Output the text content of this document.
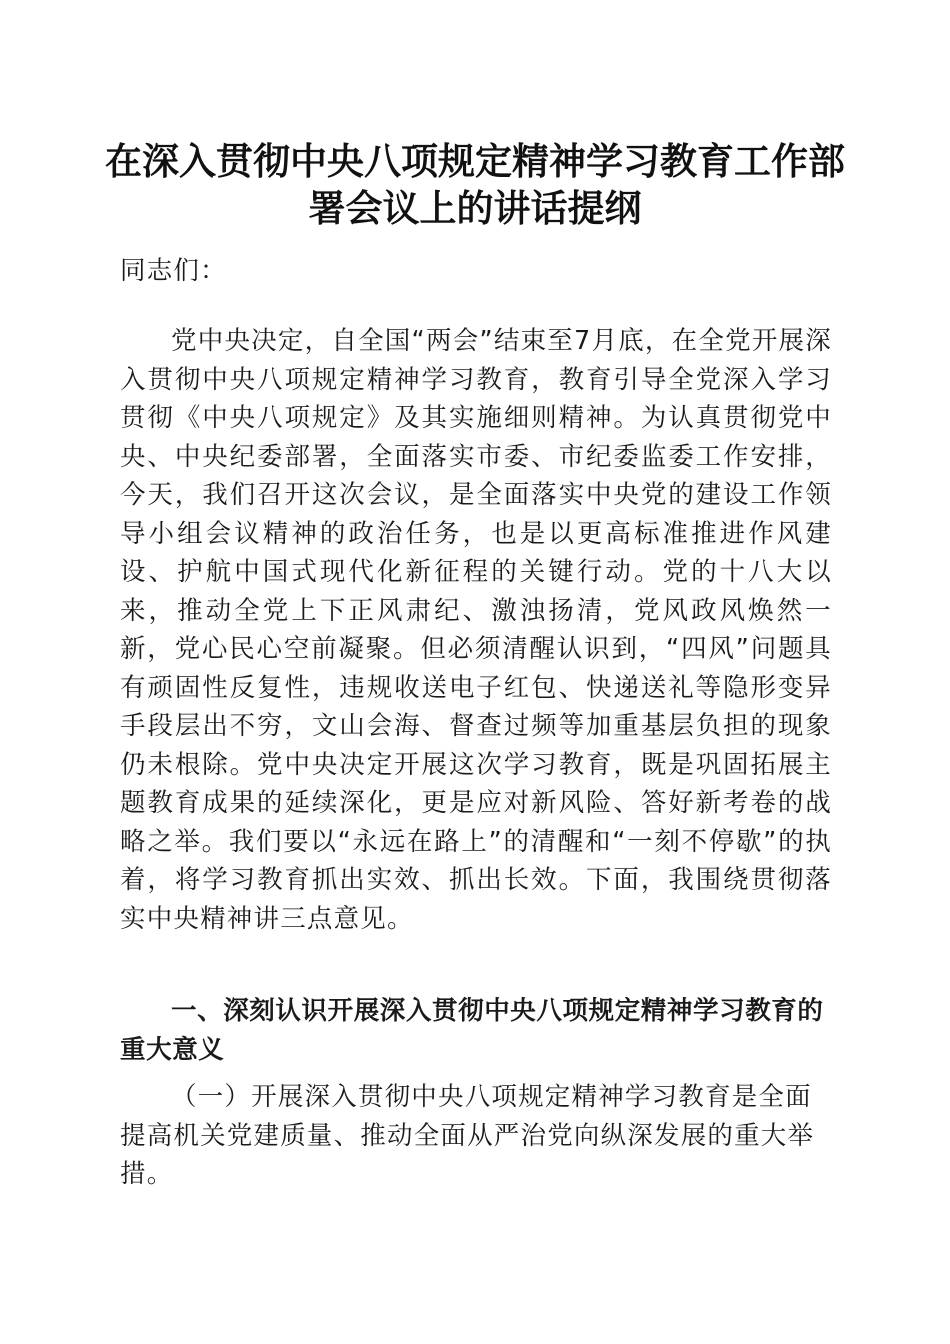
在深入贯彻中央八项规定精神学习教育工作部署会议上的讲话提纲
同志们：
党中央决定，自全国“两会”结束至7月底，在全党开展深入贯彻中央八项规定精神学习教育，教育引导全党深入学习贯彻《中央八项规定》及其实施细则精神。为认真贯彻党中央、中央纪委部署，全面落实市委、市纪委监委工作安排，今天，我们召开这次会议，是全面落实中央党的建设工作领导小组会议精神的政治任务，也是以更高标准推进作风建设、护航中国式现代化新征程的关键行动。党的十八大以来，推动全党上下正风肃纪、激浊扬清，党风政风焕然一新，党心民心空前凝聚。但必须清醒认识到，“四风”问题具有顽固性反复性，违规收送电子红包、快递送礼等隐形变异手段层出不穷，文山会海、督查过频等加重基层负担的现象仍未根除。党中央决定开展这次学习教育，既是巩固拓展主题教育成果的延续深化，更是应对新风险、答好新考卷的战略之举。我们要以“永远在路上”的清醒和“一刻不停歇”的执着，将学习教育抓出实效、抓出长效。下面，我围绕贯彻落实中央精神讲三点意见。
一、深刻认识开展深入贯彻中央八项规定精神学习教育的重大意义
（一）开展深入贯彻中央八项规定精神学习教育是全面提高机关党建质量、推动全面从严治党向纵深发展的重大举措。
